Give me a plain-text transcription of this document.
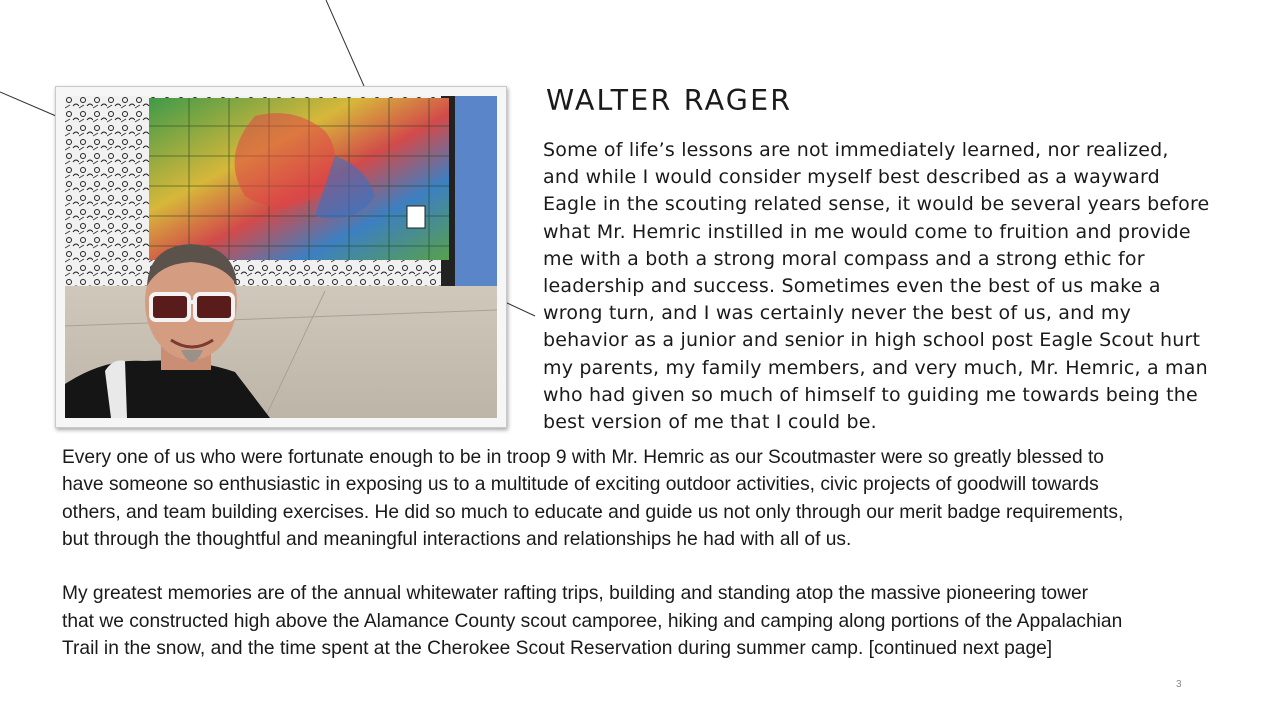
WALTER RAGER

Some of life’s lessons are not immediately learned, nor realized,
and while I would consider myself best described as a wayward
Eagle in the scouting related sense, it would be several years before
what Mr. Hemric instilled in me would come to fruition and provide
me with a both a strong moral compass and a strong ethic for
leadership and success. Sometimes even the best of us make a
wrong turn, and I was certainly never the best of us, and my
behavior as a junior and senior in high school post Eagle Scout hurt
my parents, my family members, and very much, Mr. Hemric, a man
who had given so much of himself to guiding me towards being the
best version of me that I could be.

Every one of us who were fortunate enough to be in troop 9 with Mr. Hemric as our Scoutmaster were so greatly blessed to
have someone so enthusiastic in exposing us to a multitude of exciting outdoor activities, civic projects of goodwill towards
others, and team building exercises. He did so much to educate and guide us not only through our merit badge requirements,
but through the thoughtful and meaningful interactions and relationships he had with all of us.
My greatest memories are of the annual whitewater rafting trips, building and standing atop the massive pioneering tower
that we constructed high above the Alamance County scout camporee, hiking and camping along portions of the Appalachian
Trail in the snow, and the time spent at the Cherokee Scout Reservation during summer camp. [continued next page]
3
